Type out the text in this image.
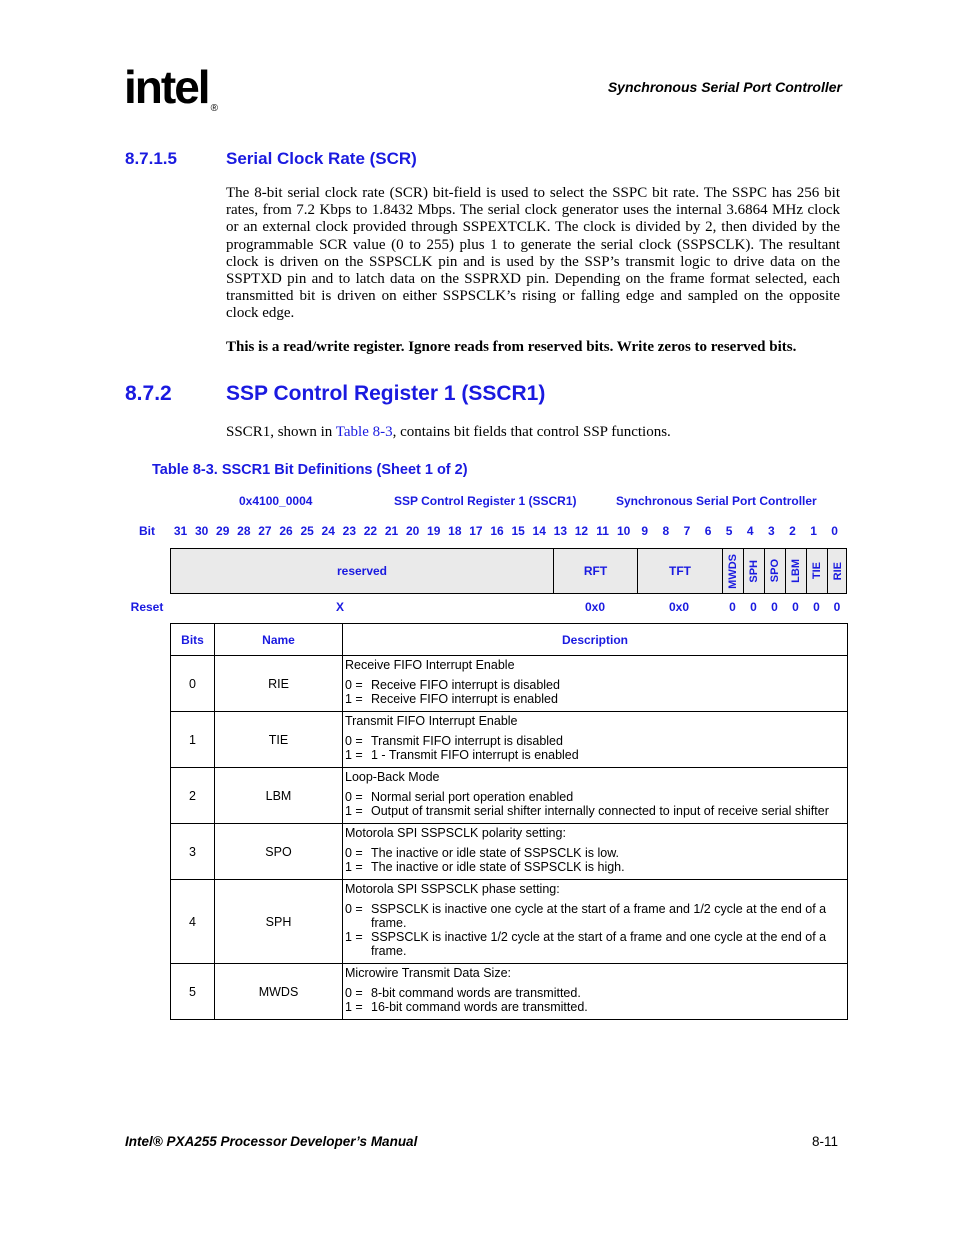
intel ®
Synchronous Serial Port Controller
8.7.1.5	Serial Clock Rate (SCR)
The 8-bit serial clock rate (SCR) bit-field is used to select the SSPC bit rate. The SSPC has 256 bit rates, from 7.2 Kbps to 1.8432 Mbps. The serial clock generator uses the internal 3.6864 MHz clock or an external clock provided through SSPEXTCLK. The clock is divided by 2, then divided by the programmable SCR value (0 to 255) plus 1 to generate the serial clock (SSPSCLK). The resultant clock is driven on the SSPSCLK pin and is used by the SSP’s transmit logic to drive data on the SSPTXD pin and to latch data on the SSPRXD pin. Depending on the frame format selected, each transmitted bit is driven on either SSPSCLK’s rising or falling edge and sampled on the opposite clock edge.
This is a read/write register. Ignore reads from reserved bits. Write zeros to reserved bits.
8.7.2	SSP Control Register 1 (SSCR1)
SSCR1, shown in Table 8-3, contains bit fields that control SSP functions.
Table 8-3. SSCR1 Bit Definitions (Sheet 1 of 2)
0x4100_0004	SSP Control Register 1 (SSCR1)	Synchronous Serial Port Controller
Bit	31 30 29 28 27 26 25 24 23 22 21 20 19 18 17 16 15 14 13 12 11 10 9	8	7	6	5	4	3	2	1	0
reserved	RFT	TFT	MWDS SPH SPO LBM TIE RIE
Reset	X	0x0	0x0	0	0	0	0	0	0
Bits	Name	Description
0	RIE	Receive FIFO Interrupt Enable
0 = Receive FIFO interrupt is disabled
1 = Receive FIFO interrupt is enabled

1	TIE	Transmit FIFO Interrupt Enable
0 = Transmit FIFO interrupt is disabled
1 = 1 - Transmit FIFO interrupt is enabled

2	LBM	Loop-Back Mode
0 = Normal serial port operation enabled
1 = Output of transmit serial shifter internally connected to input of receive serial shifter

3	SPO	Motorola SPI SSPSCLK polarity setting:
0 = The inactive or idle state of SSPSCLK is low.
1 = The inactive or idle state of SSPSCLK is high.

4	SPH	Motorola SPI SSPSCLK phase setting:
0 = SSPSCLK is inactive one cycle at the start of a frame and 1/2 cycle at the end of a frame.
1 = SSPSCLK is inactive 1/2 cycle at the start of a frame and one cycle at the end of a frame.

5	MWDS	Microwire Transmit Data Size:
0 = 8-bit command words are transmitted.
1 = 16-bit command words are transmitted.
Intel® PXA255 Processor Developer’s Manual	8-11
